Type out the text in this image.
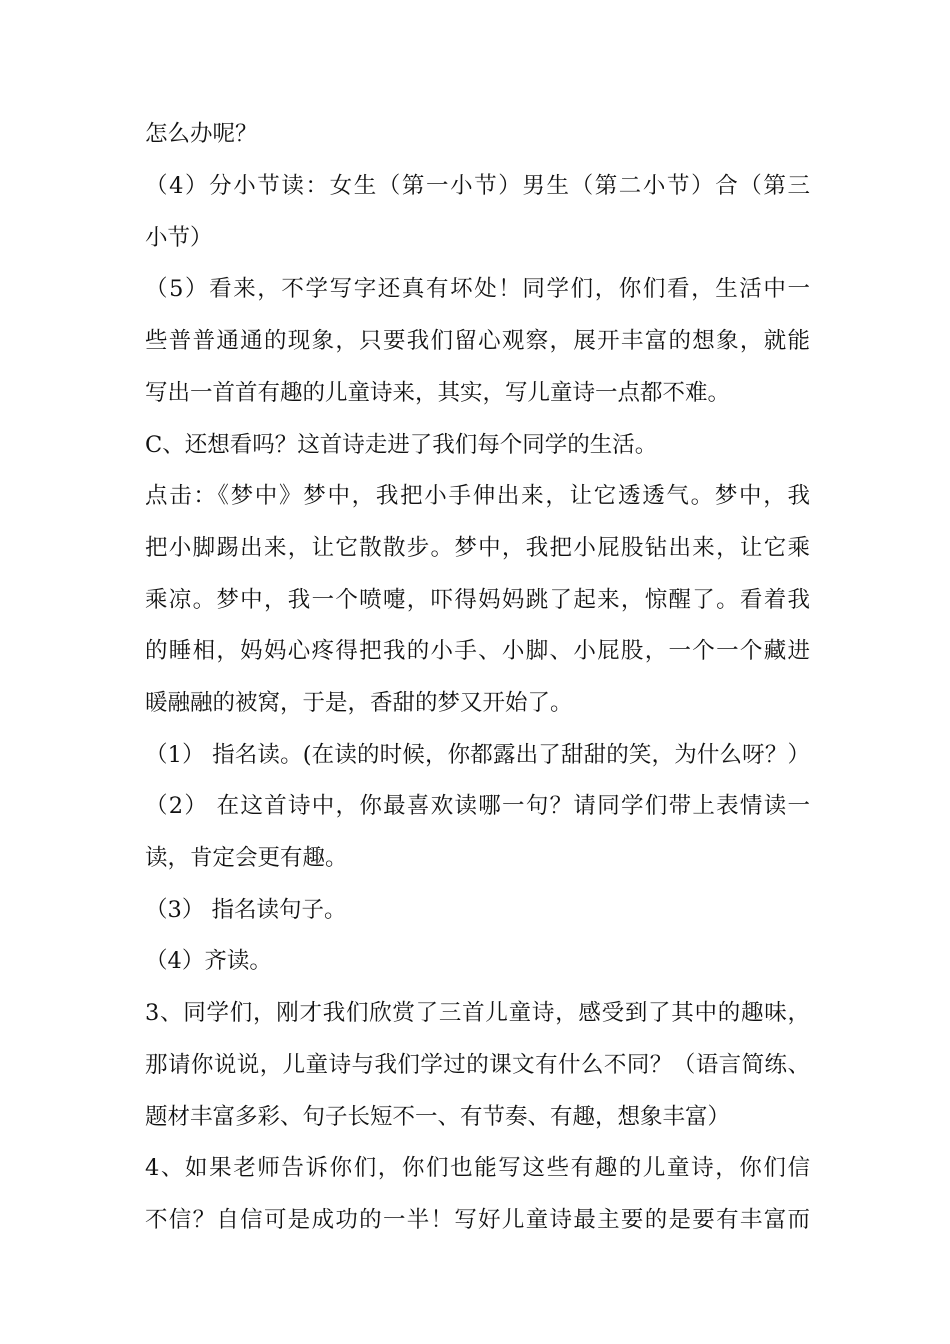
怎么办呢？
（4）分小节读：女生（第一小节）男生（第二小节）合（第三
小节）
（5）看来，不学写字还真有坏处！同学们，你们看，生活中一
些普普通通的现象，只要我们留心观察，展开丰富的想象，就能
写出一首首有趣的儿童诗来，其实，写儿童诗一点都不难。
C、还想看吗？这首诗走进了我们每个同学的生活。
点击：《梦中》梦中，我把小手伸出来，让它透透气。梦中，我
把小脚踢出来，让它散散步。梦中，我把小屁股钻出来，让它乘
乘凉。梦中，我一个喷嚏，吓得妈妈跳了起来，惊醒了。看着我
的睡相，妈妈心疼得把我的小手、小脚、小屁股，一个一个藏进
暖融融的被窝，于是，香甜的梦又开始了。
（1） 指名读。(在读的时候，你都露出了甜甜的笑，为什么呀？）
（2） 在这首诗中，你最喜欢读哪一句？请同学们带上表情读一
读，肯定会更有趣。
（3） 指名读句子。
（4）齐读。
3、同学们，刚才我们欣赏了三首儿童诗，感受到了其中的趣味，
那请你说说，儿童诗与我们学过的课文有什么不同？（语言简练、
题材丰富多彩、句子长短不一、有节奏、有趣，想象丰富）
4、如果老师告诉你们，你们也能写这些有趣的儿童诗，你们信
不信？自信可是成功的一半！写好儿童诗最主要的是要有丰富而
